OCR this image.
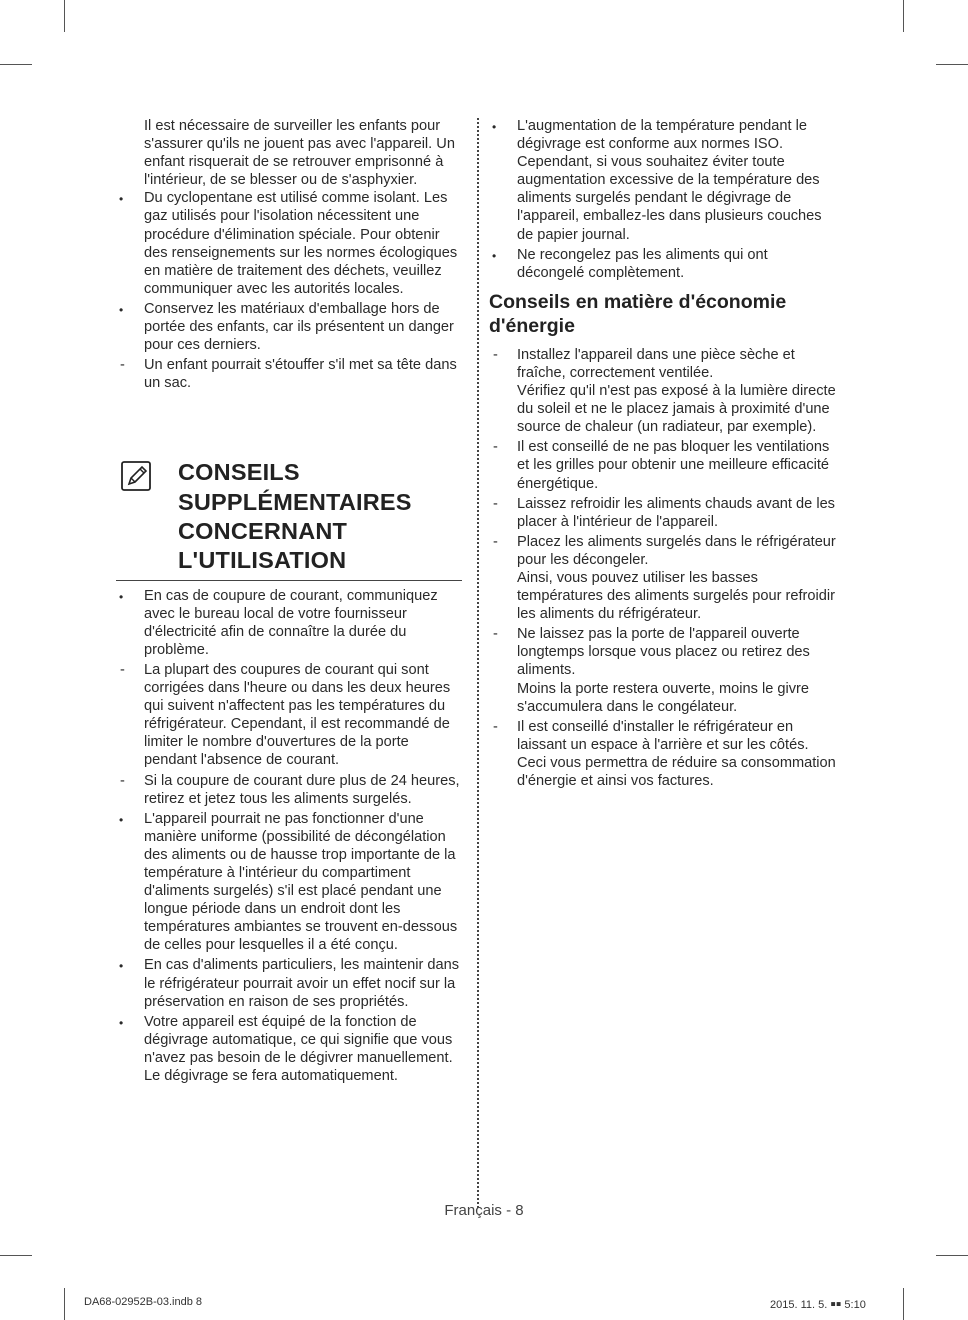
Il est nécessaire de surveiller les enfants pour s'assurer qu'ils ne jouent pas avec l'appareil. Un enfant risquerait de se retrouver emprisonné à l'intérieur, de se blesser ou de s'asphyxier.

•	Du cyclopentane est utilisé comme isolant. Les gaz utilisés pour l'isolation nécessitent une procédure d'élimination spéciale. Pour obtenir des renseignements sur les normes écologiques en matière de traitement des déchets, veuillez communiquer avec les autorités locales.

•	Conservez les matériaux d'emballage hors de portée des enfants, car ils présentent un danger pour ces derniers.

-	Un enfant pourrait s'étouffer s'il met sa tête dans un sac.

CONSEILS
SUPPLÉMENTAIRES
CONCERNANT
L'UTILISATION
•	En cas de coupure de courant, communiquez avec le bureau local de votre fournisseur d'électricité afin de connaître la durée du problème.

-	La plupart des coupures de courant qui sont corrigées dans l'heure ou dans les deux heures qui suivent n'affectent pas les températures du réfrigérateur. Cependant, il est recommandé de limiter le nombre d'ouvertures de la porte pendant l'absence de courant.

-	Si la coupure de courant dure plus de 24 heures, retirez et jetez tous les aliments surgelés.

•	L'appareil pourrait ne pas fonctionner d'une manière uniforme (possibilité de décongélation des aliments ou de hausse trop importante de la température à l'intérieur du compartiment d'aliments surgelés) s'il est placé pendant une longue période dans un endroit dont les températures ambiantes se trouvent en-dessous de celles pour lesquelles il a été conçu.

•	En cas d'aliments particuliers, les maintenir dans le réfrigérateur pourrait avoir un effet nocif sur la préservation en raison de ses propriétés.

•	Votre appareil est équipé de la fonction de dégivrage automatique, ce qui signifie que vous n'avez pas besoin de le dégivrer manuellement. Le dégivrage se fera automatiquement.

•	L'augmentation de la température pendant le dégivrage est conforme aux normes ISO. Cependant, si vous souhaitez éviter toute augmentation excessive de la température des aliments surgelés pendant le dégivrage de l'appareil, emballez-les dans plusieurs couches de papier journal.

•	Ne recongelez pas les aliments qui ont décongelé complètement.

Conseils en matière d'économie d'énergie
-	Installez l'appareil dans une pièce sèche et fraîche, correctement ventilée.

Vérifiez qu'il n'est pas exposé à la lumière directe du soleil et ne le placez jamais à proximité d'une source de chaleur (un radiateur, par exemple).

-	Il est conseillé de ne pas bloquer les ventilations et les grilles pour obtenir une meilleure efficacité énergétique.

-	Laissez refroidir les aliments chauds avant de les placer à l'intérieur de l'appareil.

-	Placez les aliments surgelés dans le réfrigérateur pour les décongeler.

Ainsi, vous pouvez utiliser les basses températures des aliments surgelés pour refroidir les aliments du réfrigérateur.

-	Ne laissez pas la porte de l'appareil ouverte longtemps lorsque vous placez ou retirez des aliments.

Moins la porte restera ouverte, moins le givre s'accumulera dans le congélateur.

-	Il est conseillé d'installer le réfrigérateur en laissant un espace à l'arrière et sur les côtés. Ceci vous permettra de réduire sa consommation d'énergie et ainsi vos factures.

Français - 8
DA68-02952B-03.indb 8	2015. 11. 5. ￭￭ 5:10
